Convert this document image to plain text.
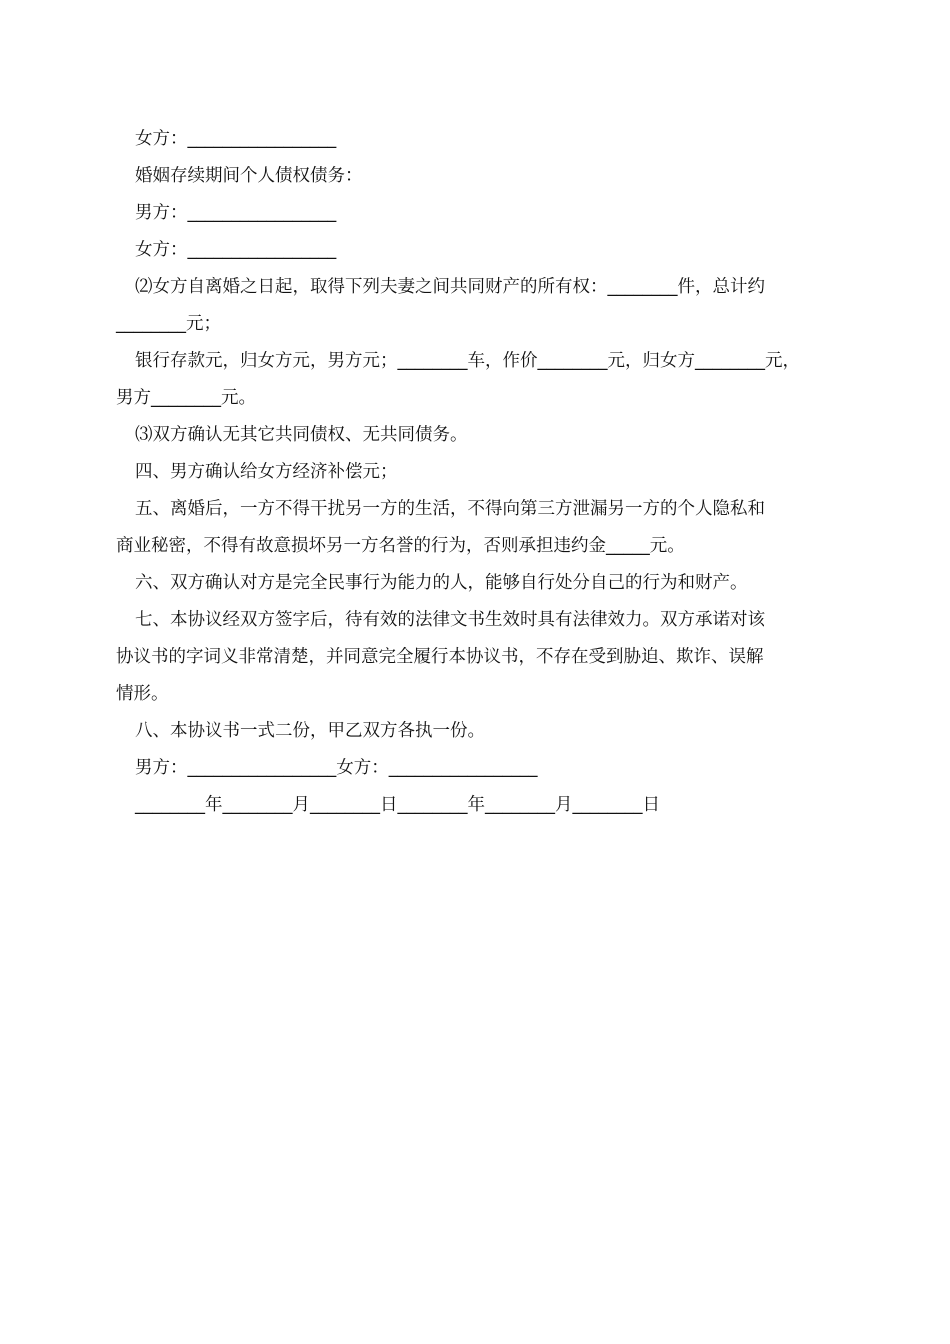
女方：_________________

婚姻存续期间个人债权债务：

男方：_________________

女方：_________________

⑵女方自离婚之日起，取得下列夫妻之间共同财产的所有权：________件，总计约

________元；

银行存款元，归女方元，男方元；________车，作价________元，归女方________元，

男方________元。

⑶双方确认无其它共同债权、无共同债务。

四、男方确认给女方经济补偿元；

五、离婚后，一方不得干扰另一方的生活，不得向第三方泄漏另一方的个人隐私和

商业秘密，不得有故意损坏另一方名誉的行为，否则承担违约金_____元。

六、双方确认对方是完全民事行为能力的人，能够自行处分自己的行为和财产。

七、本协议经双方签字后，待有效的法律文书生效时具有法律效力。双方承诺对该

协议书的字词义非常清楚，并同意完全履行本协议书，不存在受到胁迫、欺诈、误解

情形。

八、本协议书一式二份，甲乙双方各执一份。

男方：_________________女方：_________________

________年________月________日________年________月________日
